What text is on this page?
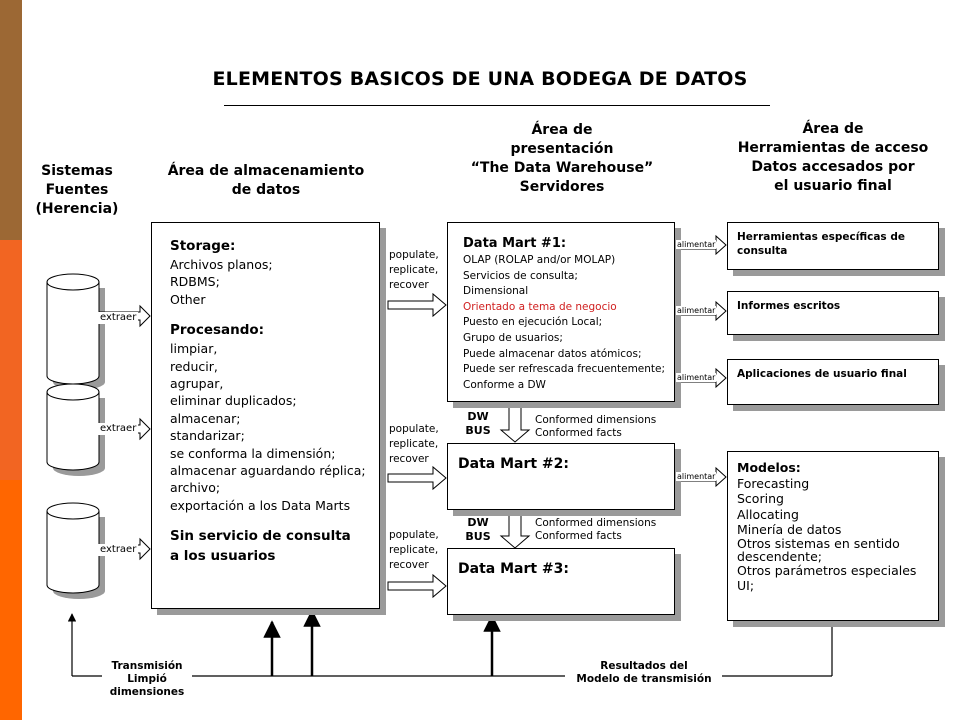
ELEMENTOS BASICOS DE UNA BODEGA DE DATOS
Sistemas
Fuentes
(Herencia)
Área de almacenamiento
de datos
Área de
presentación
“The Data Warehouse”
Servidores
Área de
Herramientas de acceso
Datos accesados por
el usuario final
extraer
extraer
extraer
Storage:
Archivos planos;
RDBMS;
Other
Procesando:
limpiar,
reducir,
agrupar,
eliminar duplicados;
almacenar;
standarizar;
se conforma la dimensión;
almacenar aguardando réplica;
archivo;
exportación a los Data Marts
Sin servicio de consulta
a los usuarios
populate,
replicate,
recover
populate,
replicate,
recover
populate,
replicate,
recover
Data Mart #1:
OLAP (ROLAP and/or MOLAP)
Servicios de consulta;
Dimensional
Orientado a tema de negocio
Puesto en ejecución Local;
Grupo de usuarios;
Puede almacenar datos atómicos;
Puede ser refrescada frecuentemente;
Conforme a DW
DW
BUS
Conformed dimensions
Conformed facts
DW
BUS
Conformed dimensions
Conformed facts
Data Mart #2:
Data Mart #3:
alimentar
alimentar
alimentar
alimentar
Herramientas específicas de consulta
Informes escritos
Aplicaciones de usuario final
Modelos:
Forecasting
Scoring
Allocating
Minería de datos
Otros sistemas en sentido
descendente;
Otros parámetros especiales
UI;
Transmisión
Limpió
dimensiones
Resultados del
Modelo de transmisión
